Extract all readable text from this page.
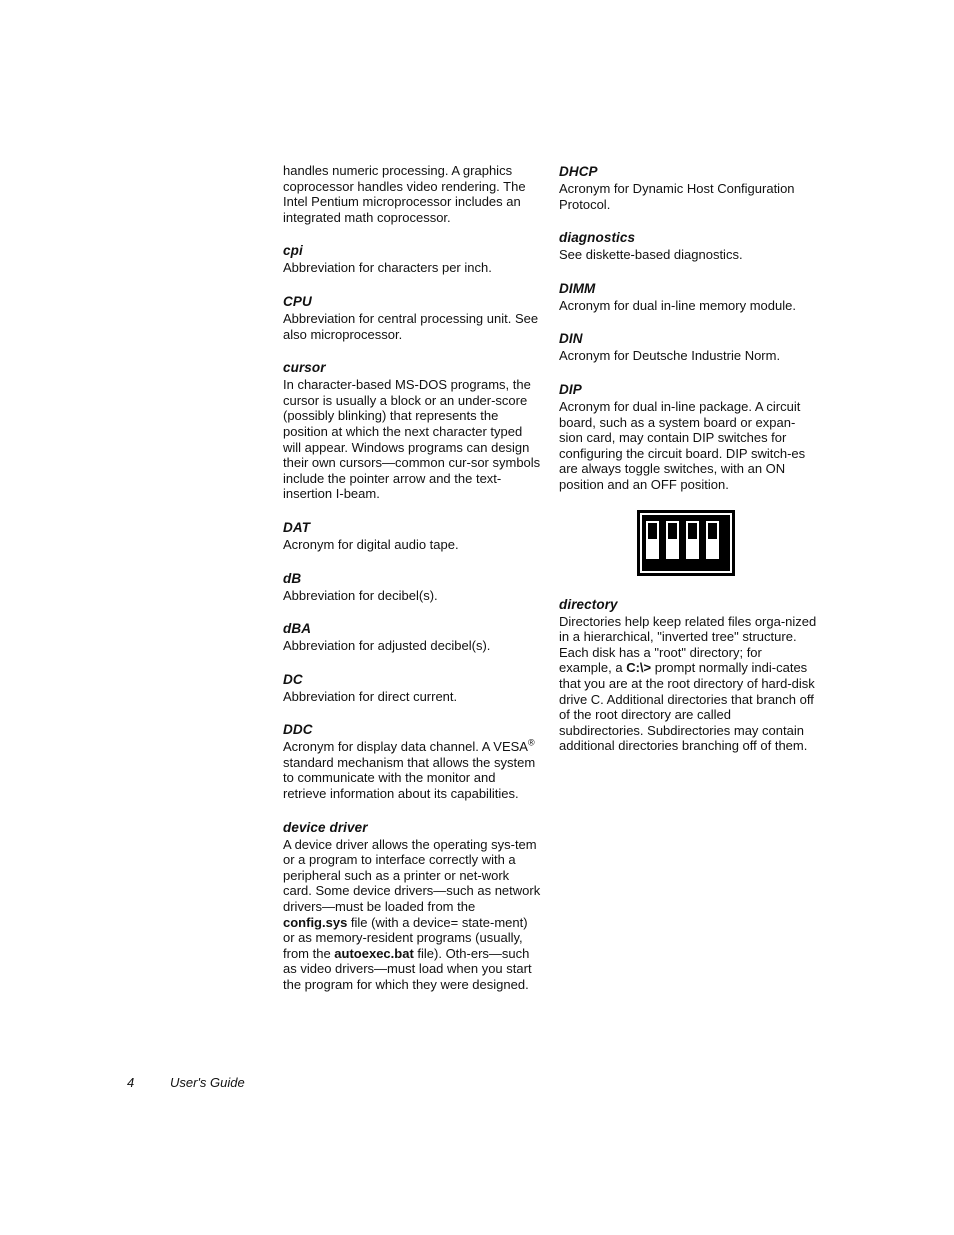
handles numeric processing. A graphics coprocessor handles video rendering. The Intel Pentium microprocessor includes an integrated math coprocessor.

cpi

Abbreviation for characters per inch.

CPU

Abbreviation for central processing unit. See also microprocessor.

cursor

In character-based MS-DOS programs, the cursor is usually a block or an under-score (possibly blinking) that represents the position at which the next character typed will appear. Windows programs can design their own cursors—common cur-sor symbols include the pointer arrow and the text-insertion I-beam.

DAT

Acronym for digital audio tape.

dB

Abbreviation for decibel(s).

dBA

Abbreviation for adjusted decibel(s).

DC

Abbreviation for direct current.

DDC

Acronym for display data channel. A VESA® standard mechanism that allows the system to communicate with the monitor and retrieve information about its capabilities.

device driver

A device driver allows the operating sys-tem or a program to interface correctly with a peripheral such as a printer or net-work card. Some device drivers—such as network drivers—must be loaded from the config.sys file (with a device= state-ment) or as memory-resident programs (usually, from the autoexec.bat file). Oth-ers—such as video drivers—must load when you start the program for which they were designed.

DHCP

Acronym for Dynamic Host Configuration Protocol.

diagnostics

See diskette-based diagnostics.

DIMM

Acronym for dual in-line memory module.

DIN

Acronym for Deutsche Industrie Norm.

DIP

Acronym for dual in-line package. A circuit board, such as a system board or expan-sion card, may contain DIP switches for configuring the circuit board. DIP switch-es are always toggle switches, with an ON position and an OFF position.

directory

Directories help keep related files orga-nized in a hierarchical, "inverted tree" structure. Each disk has a "root" directory; for example, a C:\> prompt normally indi-cates that you are at the root directory of hard-disk drive C. Additional directories that branch off of the root directory are called subdirectories. Subdirectories may contain additional directories branching off of them.

4	User's Guide
